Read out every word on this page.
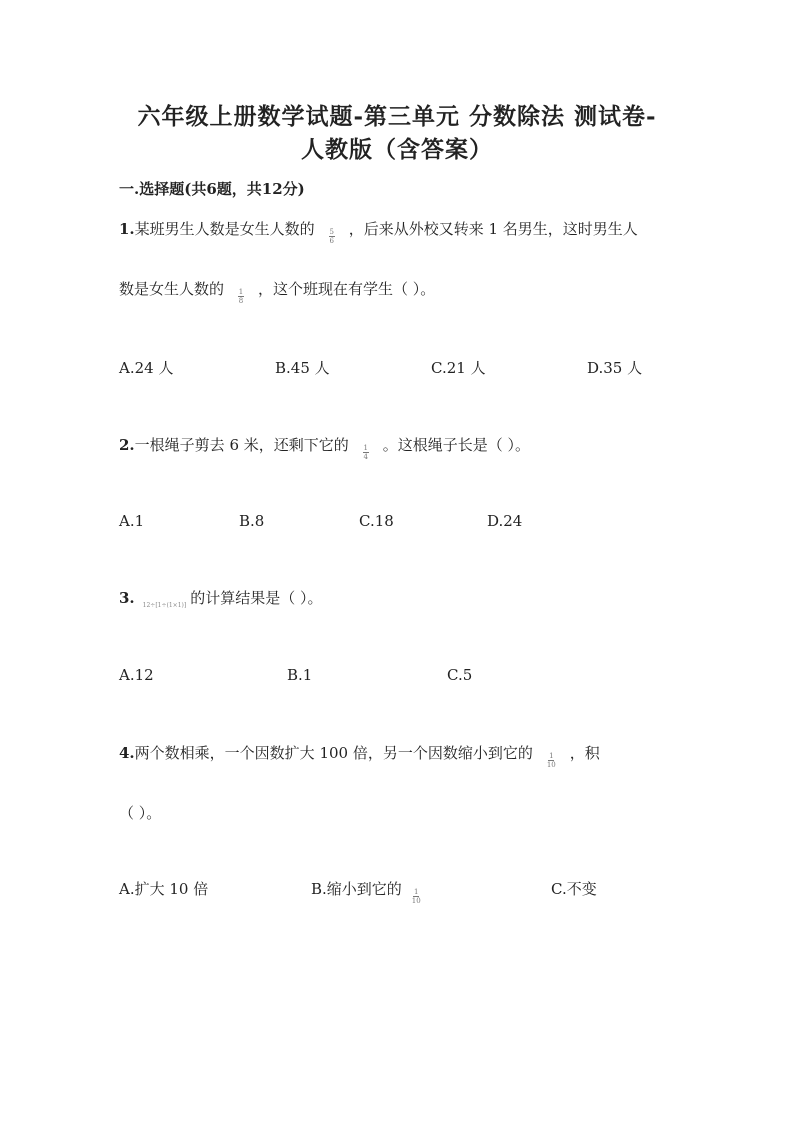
六年级上册数学试题-第三单元 分数除法 测试卷-
人教版（含答案）
一.选择题(共6题，共12分)
1.某班男生人数是女生人数的 $\frac{5}{6}$ ，后来从外校又转来 1 名男生，这时男生人
数是女生人数的 $\frac{1}{8}$ ，这个班现在有学生（ ）。
A.24 人	B.45 人	C.21 人	D.35 人
2.一根绳子剪去 6 米，还剩下它的 $\frac{1}{4}$ 。这根绳子长是（ ）。
A.1	B.8	C.18	D.24
3. 12÷[1÷(1×1)] 的计算结果是（ ）。
A.12	B.1	C.5
4.两个数相乘，一个因数扩大 100 倍，另一个因数缩小到它的 $\frac{1}{10}$ ，积
（ ）。
A.扩大 10 倍	B.缩小到它的 $\frac{1}{10}$	C.不变
